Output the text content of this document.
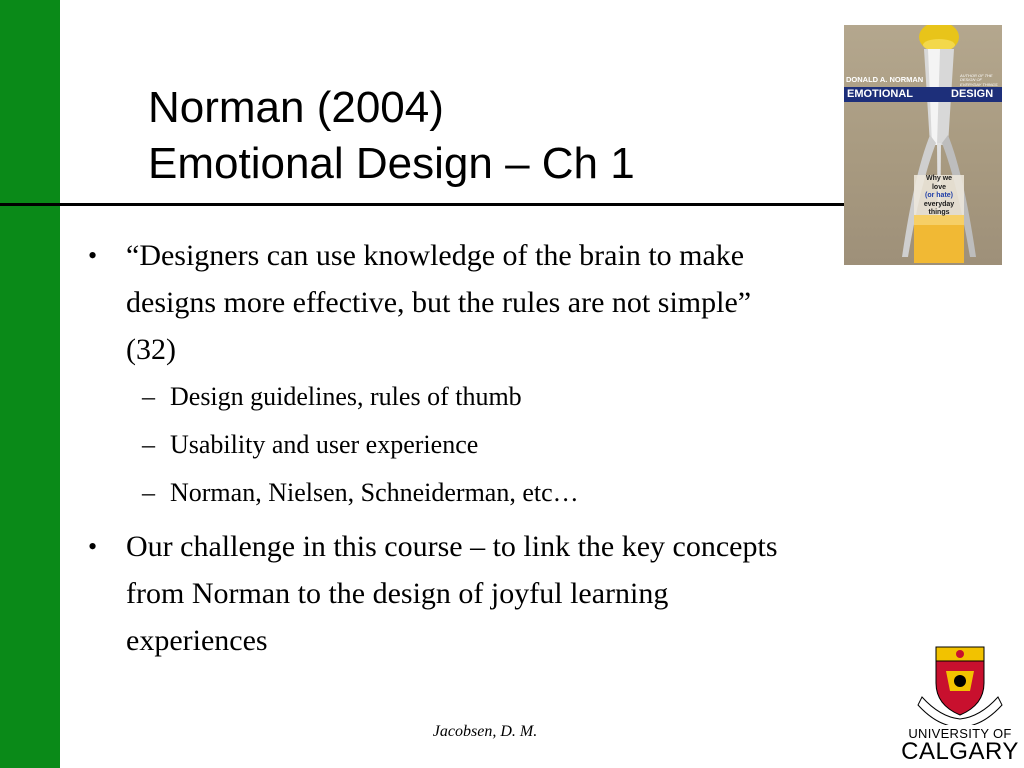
Norman (2004)
Emotional Design – Ch 1
DONALD A. NORMAN	AUTHOR OF THE DESIGN OF EVERYDAY THINGS
EMOTIONAL	DESIGN
Why we
love
(or hate)
everyday
things
• “Designers can use knowledge of the brain to make designs more effective, but the rules are not simple” (32)
– Design guidelines, rules of thumb
– Usability and user experience
– Norman, Nielsen, Schneiderman, etc…
• Our challenge in this course – to link the key concepts from Norman to the design of joyful learning experiences
Jacobsen, D. M.	UNIVERSITY OF
CALGARY
